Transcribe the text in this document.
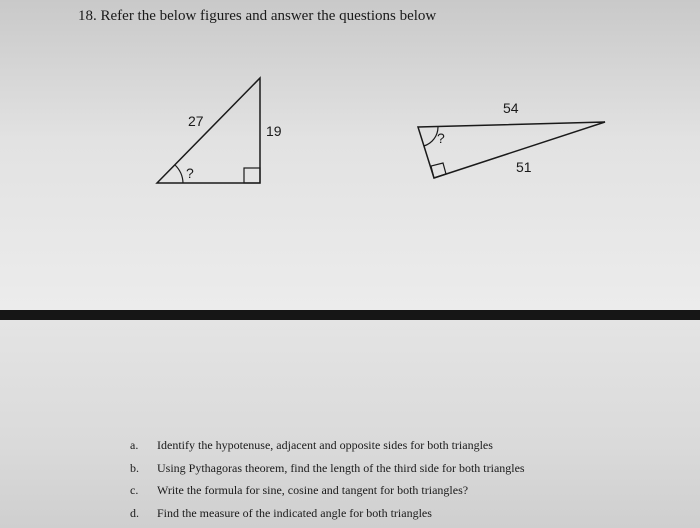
18. Refer the below figures and answer the questions below
27
19
?
54
51
?
a.	Identify the hypotenuse, adjacent and opposite sides for both triangles
b.	Using Pythagoras theorem, find the length of the third side for both triangles
c.	Write the formula for sine, cosine and tangent for both triangles?
d.	Find the measure of the indicated angle for both triangles
